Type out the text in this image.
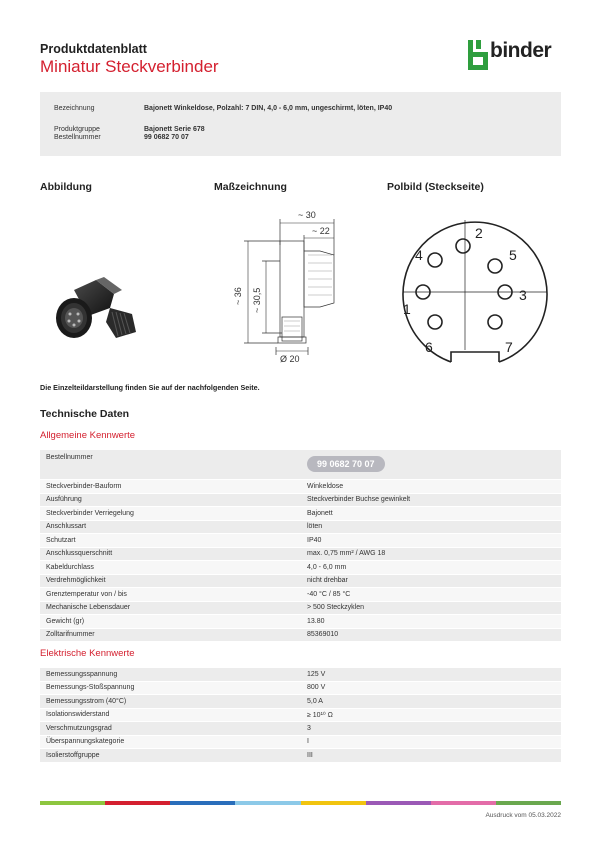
Produktdatenblatt
Miniatur Steckverbinder
binder
Bezeichnung	Bajonett Winkeldose, Polzahl: 7 DIN, 4,0 - 6,0 mm, ungeschirmt, löten, IP40
Produktgruppe	Bajonett Serie 678
Bestellnummer	99 0682 70 07
Abbildung	Maßzeichnung	Polbild (Steckseite)
~ 30
~ 22
~ 36 ~ 30,5
Ø 20
1
2
3
4	5
6	7
Die Einzelteildarstellung finden Sie auf der nachfolgenden Seite.
Technische Daten
Allgemeine Kennwerte
Bestellnummer	99 0682 70 07
Steckverbinder-Bauform	Winkeldose
Ausführung	Steckverbinder Buchse gewinkelt
Steckverbinder Verriegelung	Bajonett
Anschlussart	löten
Schutzart	IP40
Anschlussquerschnitt	max. 0,75 mm² / AWG 18
Kabeldurchlass	4,0 - 6,0 mm
Verdrehmöglichkeit	nicht drehbar
Grenztemperatur von / bis	-40 °C / 85 °C
Mechanische Lebensdauer	> 500 Steckzyklen
Gewicht (gr)	13.80
Zolltarifnummer	85369010
Elektrische Kennwerte
Bemessungsspannung	125 V
Bemessungs-Stoßspannung	800 V
Bemessungsstrom (40°C)	5,0 A
Isolationswiderstand	≥ 10¹⁰ Ω
Verschmutzungsgrad	3
Überspannungskategorie	I
Isolierstoffgruppe	III
Ausdruck vom 05.03.2022
